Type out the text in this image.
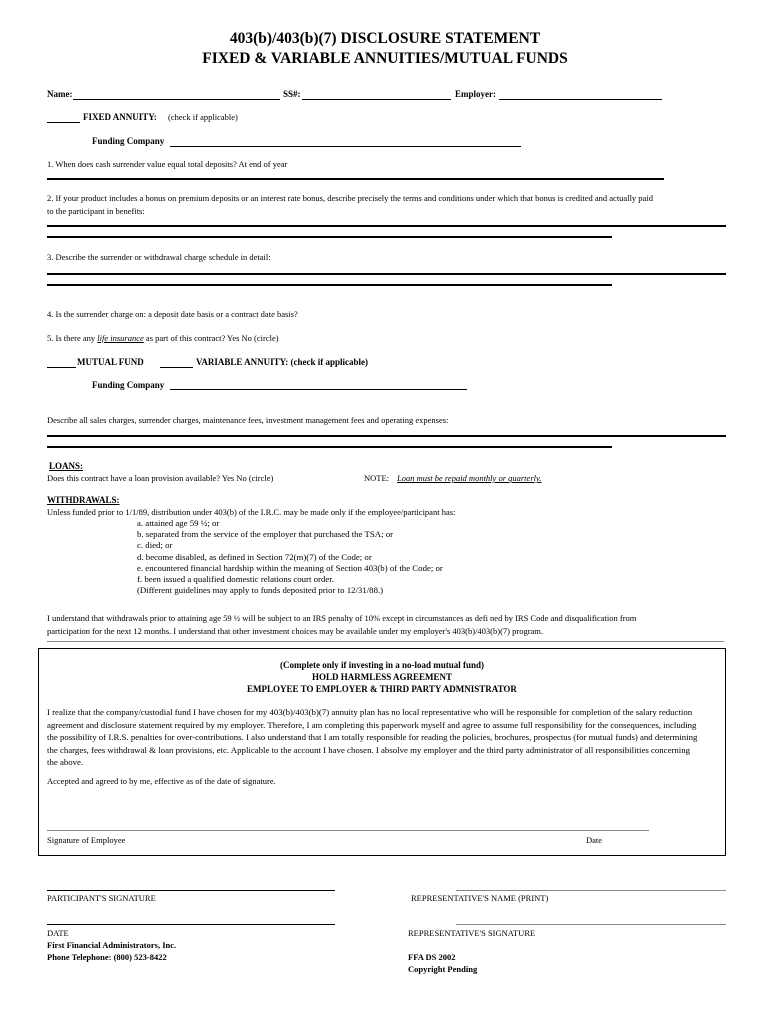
403(b)/403(b)(7) DISCLOSURE STATEMENT
FIXED & VARIABLE ANNUITIES/MUTUAL FUNDS
Name:	SS#:	Employer:
FIXED ANNUITY: (check if applicable)
Funding Company
1. When does cash surrender value equal total deposits? At end of year
2. If your product includes a bonus on premium deposits or an interest rate bonus, describe precisely the terms and conditions under which that bonus is credited and actually paid
to the participant in benefits:
3. Describe the surrender or withdrawal charge schedule in detail:
4. Is the surrender charge on: a deposit date basis or a contract date basis?
5. Is there any life insurance as part of this contract? Yes No (circle)
MUTUAL FUND	VARIABLE ANNUITY: (check if applicable)
Funding Company
Describe all sales charges, surrender charges, maintenance fees, investment management fees and operating expenses:
LOANS:
Does this contract have a loan provision available? Yes No (circle)	NOTE: Loan must be repaid monthly or quarterly.
WITHDRAWALS:
Unless funded prior to 1/1/89, distribution under 403(b) of the I.R.C. may be made only if the employee/participant has:
a. attained age 59 ½; or
b. separated from the service of the employer that purchased the TSA; or
c. died; or
d. become disabled, as defined in Section 72(m)(7) of the Code; or
e. encountered financial hardship within the meaning of Section 403(b) of the Code; or
f. been issued a qualified domestic relations court order.
(Different guidelines may apply to funds deposited prior to 12/31/88.)
I understand that withdrawals prior to attaining age 59 ½ will be subject to an IRS penalty of 10% except in circumstances as defi ned by IRS Code and disqualification from
participation for the next 12 months. I understand that other investment choices may be available under my employer's 403(b)/403(b)(7) program.
(Complete only if investing in a no-load mutual fund)
HOLD HARMLESS AGREEMENT
EMPLOYEE TO EMPLOYER & THIRD PARTY ADMNISTRATOR
I realize that the company/custodial fund I have chosen for my 403(b)/403(b)(7) annuity plan has no local representative who will be responsible for completion of the salary reduction
agreement and disclosure statement required by my employer. Therefore, I am completing this paperwork myself and agree to assume full responsibility for the consequences, including
the possibility of I.R.S. penalties for over-contributions. I also understand that I am totally responsible for reading the policies, brochures, prospectus (for mutual funds) and determining
the charges, fees withdrawal & loan provisions, etc. Applicable to the account I have chosen. I absolve my employer and the third party administrator of all responsibilities concerning
the above.
Accepted and agreed to by me, effective as of the date of signature.
Signature of Employee	Date
PARTICIPANT'S SIGNATURE	REPRESENTATIVE'S NAME (PRINT)
DATE	REPRESENTATIVE'S SIGNATURE
First Financial Administrators, Inc.
Phone Telephone: (800) 523-8422	FFA DS 2002
Copyright Pending
